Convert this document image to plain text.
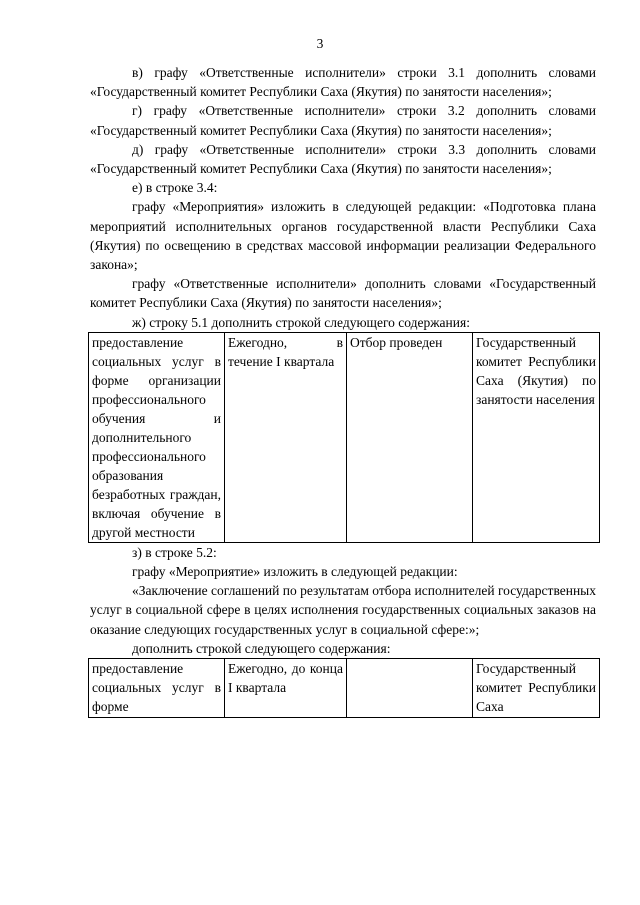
3

в) графу «Ответственные исполнители» строки 3.1 дополнить словами «Государственный комитет Республики Саха (Якутия) по занятости населения»;

г) графу «Ответственные исполнители» строки 3.2 дополнить словами «Государственный комитет Республики Саха (Якутия) по занятости населения»;

д) графу «Ответственные исполнители» строки 3.3 дополнить словами «Государственный комитет Республики Саха (Якутия) по занятости населения»;

е) в строке 3.4:

графу «Мероприятия» изложить в следующей редакции: «Подготовка плана мероприятий исполнительных органов государственной власти Республики Саха (Якутия) по освещению в средствах массовой информации реализации Федерального закона»;

графу «Ответственные исполнители» дополнить словами «Государственный комитет Республики Саха (Якутия) по занятости населения»;

ж) строку 5.1 дополнить строкой следующего содержания:

предоставление социальных услуг в форме организации профессионального обучения и дополнительного профессионального образования безработных граждан, включая обучение в другой местности	Ежегодно, в течение I квартала	Отбор проведен	Государственный комитет Республики Саха (Якутия) по занятости населения

з) в строке 5.2:

графу «Мероприятие» изложить в следующей редакции:

«Заключение соглашений по результатам отбора исполнителей государственных услуг в социальной сфере в целях исполнения государственных социальных заказов на оказание следующих государственных услуг в социальной сфере:»;

дополнить строкой следующего содержания:

предоставление социальных услуг в форме	Ежегодно, до конца I квартала		Государственный комитет Республики Саха
